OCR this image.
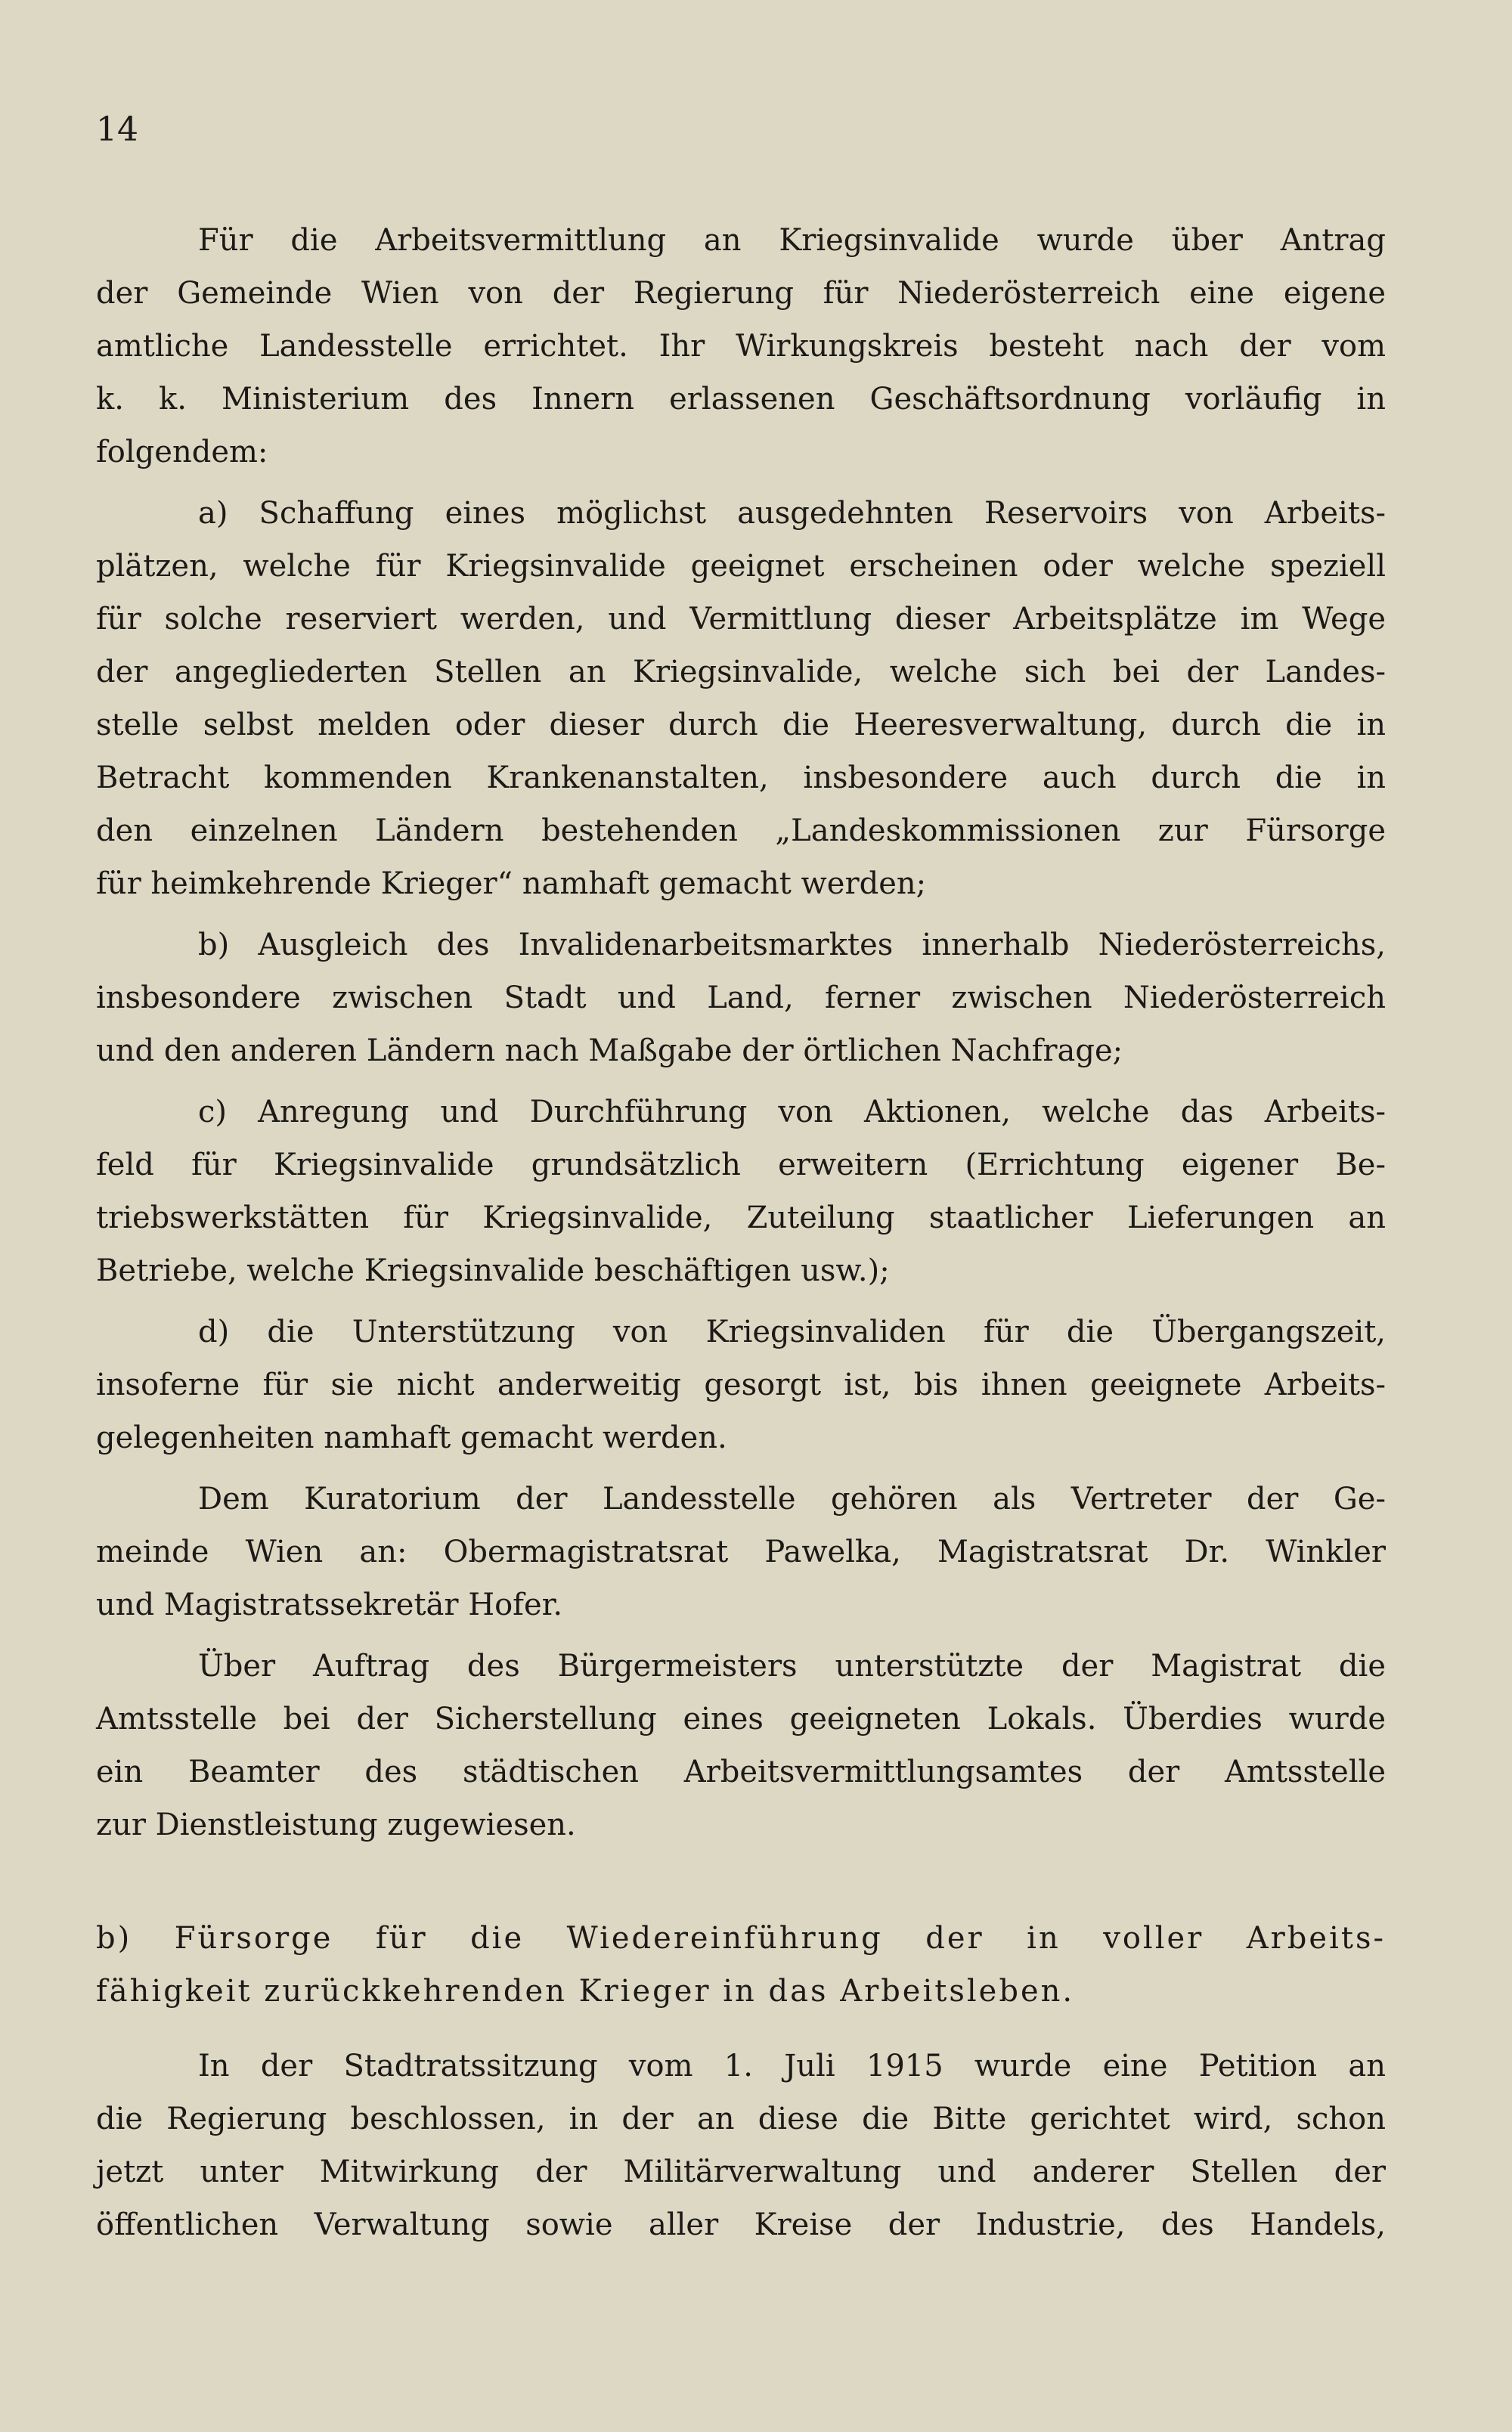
14
Für die Arbeitsvermittlung an Kriegsinvalide wurde über Antrag
der Gemeinde Wien von der Regierung für Niederösterreich eine eigene
amtliche Landesstelle errichtet. Ihr Wirkungskreis besteht nach der vom
k. k. Ministerium des Innern erlassenen Geschäftsordnung vorläufig in
folgendem:
a) Schaffung eines möglichst ausgedehnten Reservoirs von Arbeits-
plätzen, welche für Kriegsinvalide geeignet erscheinen oder welche speziell
für solche reserviert werden, und Vermittlung dieser Arbeitsplätze im Wege
der angegliederten Stellen an Kriegsinvalide, welche sich bei der Landes-
stelle selbst melden oder dieser durch die Heeresverwaltung, durch die in
Betracht kommenden Krankenanstalten, insbesondere auch durch die in
den einzelnen Ländern bestehenden „Landeskommissionen zur Fürsorge
für heimkehrende Krieger“ namhaft gemacht werden;
b) Ausgleich des Invalidenarbeitsmarktes innerhalb Niederösterreichs,
insbesondere zwischen Stadt und Land, ferner zwischen Niederösterreich
und den anderen Ländern nach Maßgabe der örtlichen Nachfrage;
c) Anregung und Durchführung von Aktionen, welche das Arbeits-
feld für Kriegsinvalide grundsätzlich erweitern (Errichtung eigener Be-
triebswerkstätten für Kriegsinvalide, Zuteilung staatlicher Lieferungen an
Betriebe, welche Kriegsinvalide beschäftigen usw.);
d) die Unterstützung von Kriegsinvaliden für die Übergangszeit,
insoferne für sie nicht anderweitig gesorgt ist, bis ihnen geeignete Arbeits-
gelegenheiten namhaft gemacht werden.
Dem Kuratorium der Landesstelle gehören als Vertreter der Ge-
meinde Wien an: Obermagistratsrat Pawelka, Magistratsrat Dr. Winkler
und Magistratssekretär Hofer.
Über Auftrag des Bürgermeisters unterstützte der Magistrat die
Amtsstelle bei der Sicherstellung eines geeigneten Lokals. Überdies wurde
ein Beamter des städtischen Arbeitsvermittlungsamtes der Amtsstelle
zur Dienstleistung zugewiesen.
b) Fürsorge für die Wiedereinführung der in voller Arbeits-
fähigkeit zurückkehrenden Krieger in das Arbeitsleben.
In der Stadtratssitzung vom 1. Juli 1915 wurde eine Petition an
die Regierung beschlossen, in der an diese die Bitte gerichtet wird, schon
jetzt unter Mitwirkung der Militärverwaltung und anderer Stellen der
öffentlichen Verwaltung sowie aller Kreise der Industrie, des Handels,
